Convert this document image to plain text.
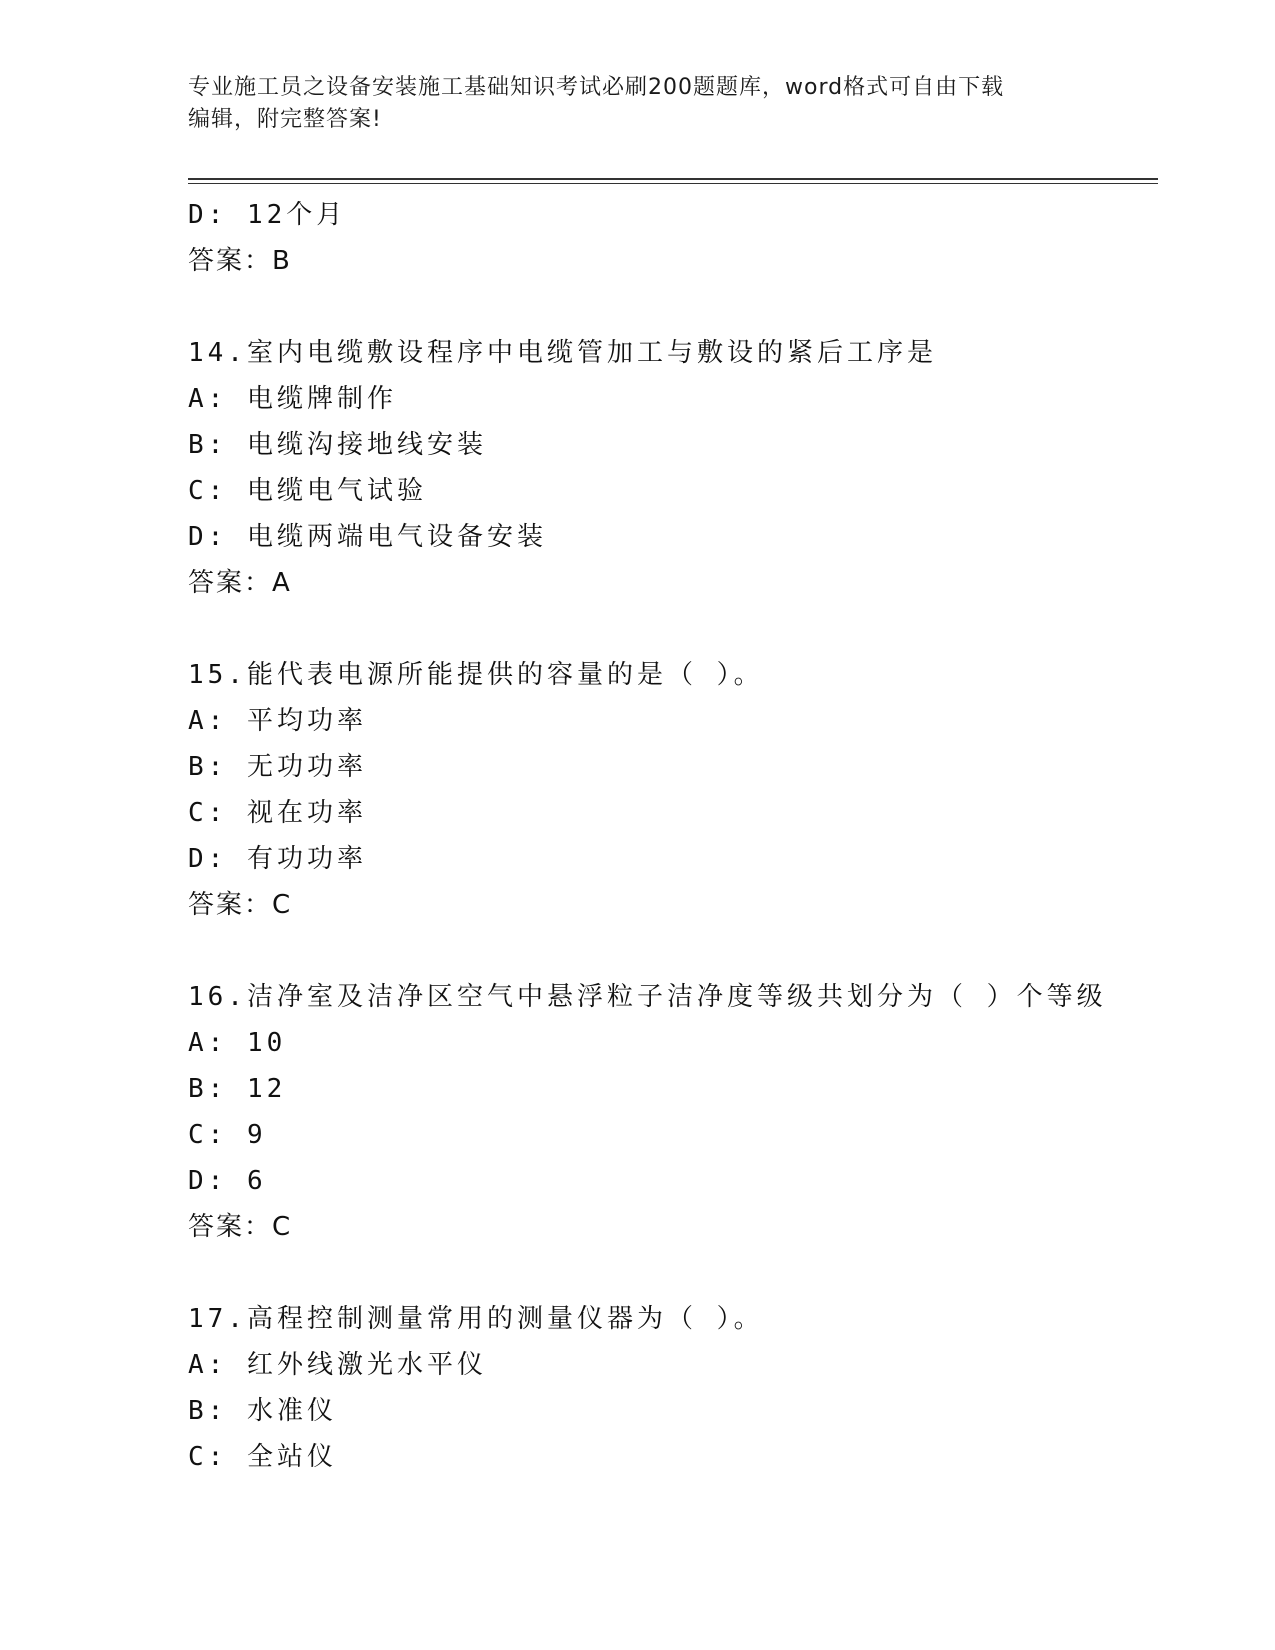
专业施工员之设备安装施工基础知识考试必刷200题题库，word格式可自由下载
编辑，附完整答案!
D: 12个月
答案：B
14.室内电缆敷设程序中电缆管加工与敷设的紧后工序是
A: 电缆牌制作
B: 电缆沟接地线安装
C: 电缆电气试验
D: 电缆两端电气设备安装
答案：A
15.能代表电源所能提供的容量的是（ ）。
A: 平均功率
B: 无功功率
C: 视在功率
D: 有功功率
答案：C
16.洁净室及洁净区空气中悬浮粒子洁净度等级共划分为（ ）个等级
A: 10
B: 12
C: 9
D: 6
答案：C
17.高程控制测量常用的测量仪器为（ ）。
A: 红外线激光水平仪
B: 水准仪
C: 全站仪
